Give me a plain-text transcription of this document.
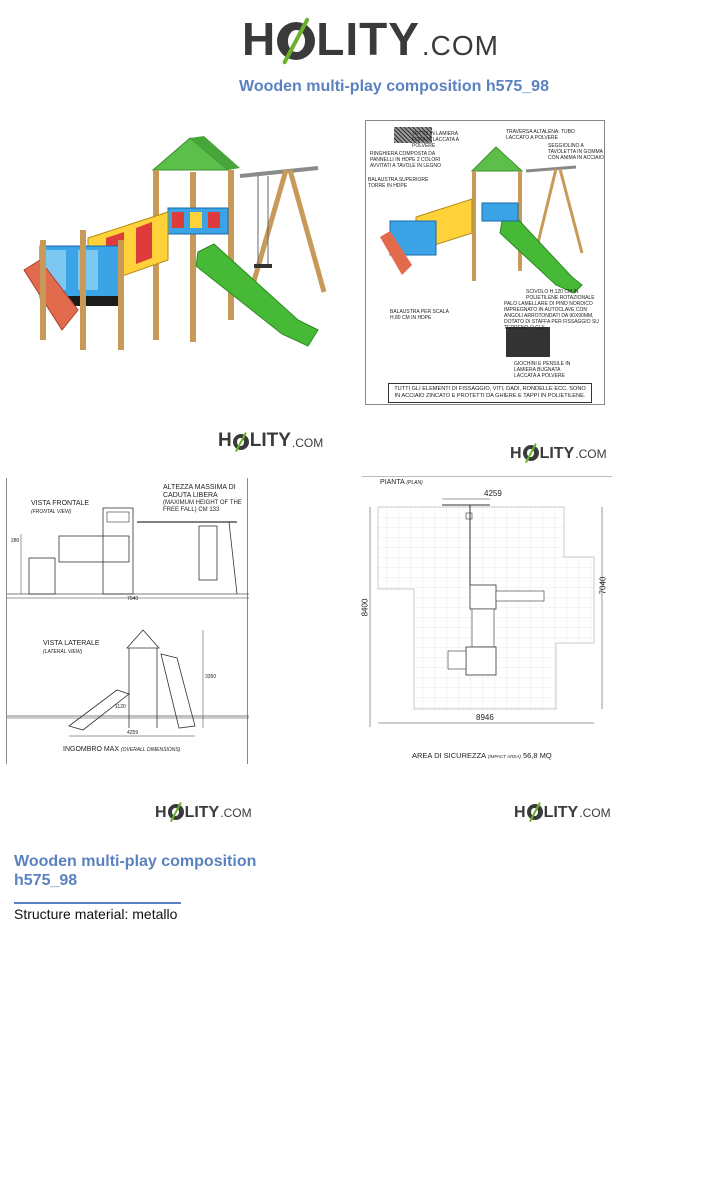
H LITY .COM
Wooden multi-play composition h575_98
TETTO IN LAMIERA FORATA LACCATA A POLVERE
TRAVERSA ALTALENA: TUBO LACCATO A POLVERE
SEGGIOLINO A TAVOLETTA IN GOMMA CON ANIMA IN ACCIAIO
RINGHIERA COMPOSTA DA PANNELLI IN HDPE 2 COLORI AVVITATI A TAVOLE IN LEGNO
BALAUSTRA SUPERIORE TORRE IN HDPE
SCIVOLO H.120 CM IN POLIETILENE ROTAZIONALE
PALO LAMELLARE DI PINO NORDICO IMPREGNATO IN AUTOCLAVE CON ANGOLI ARROTONDATI DA 90X90MM, DOTATO DI STAFFA PER FISSAGGIO SU TERRENO O CLS
BALAUSTRA PER SCALA H.80 CM IN HDPE
GIOCHINI E PENSILE IN LAMIERA BUGNATA LACCATA A POLVERE
TUTTI GLI ELEMENTI DI FISSAGGIO, VITI, DADI, RONDELLE ECC. SONO IN ACCIAIO ZINCATO E PROTETTI DA GHIERE E TAPPI IN POLIETILENE.
H LITY .COM
H LITY .COM
VISTA FRONTALE
(FRONTAL VIEW)
ALTEZZA MASSIMA DI CADUTA LIBERA
(MAXIMUM HEIGHT OF THE FREE FALL) CM 133
280
7040
VISTA LATERALE
(LATERAL VIEW)
3350
1120
4259
INGOMBRO MAX (OVERALL DIMENSIONS)
PIANTA (PLAN)
4259
8400
7040
8946
AREA DI SICUREZZA (IMPACT AREA) 56,8 MQ
H LITY .COM	H LITY .COM
Wooden multi-play composition h575_98
Structure material: metallo
